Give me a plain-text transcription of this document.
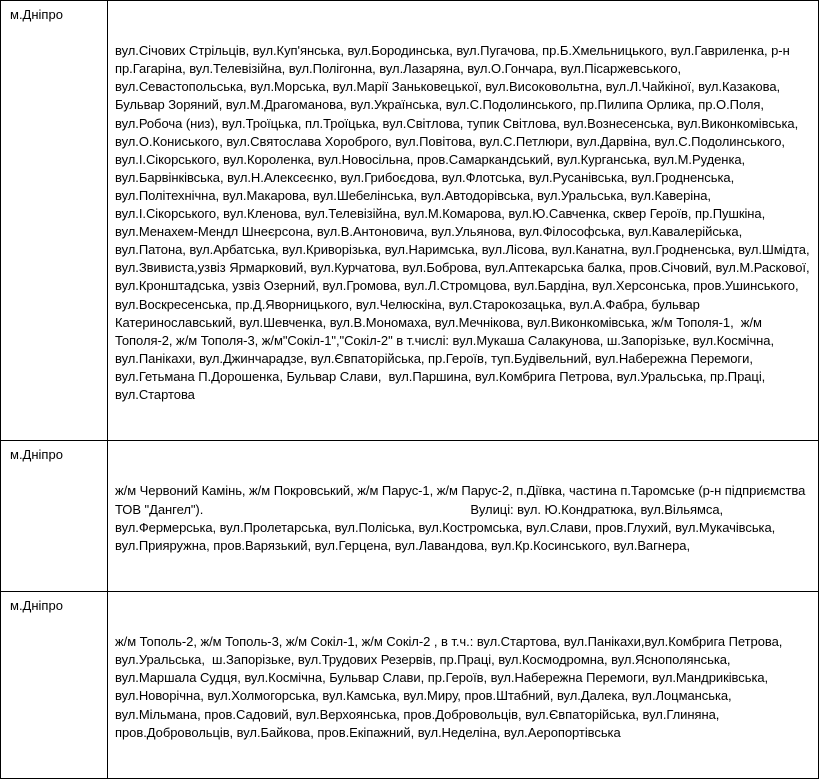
м.Дніпро	вул.Січових Стрільців, вул.Куп'янська, вул.Бородинська, вул.Пугачова, пр.Б.Хмельницького, вул.Гавриленка, р-н пр.Гагаріна, вул.Телевізійна, вул.Полігонна, вул.Лазаряна, вул.О.Гончара, вул.Пісаржевського, вул.Севастопольська, вул.Морська, вул.Марії Заньковецької, вул.Високовольтна, вул.Л.Чайкіної, вул.Казакова, Бульвар Зоряний, вул.М.Драгоманова, вул.Українська, вул.С.Подолинського, пр.Пилипа Орлика, пр.О.Поля, вул.Робоча (низ), вул.Троїцька, пл.Троїцька, вул.Світлова, тупик Світлова, вул.Вознесенська, вул.Виконкомівська, вул.О.Кониського, вул.Святослава Хороброго, вул.Повітова, вул.С.Петлюри, вул.Дарвіна, вул.С.Подолинського, вул.І.Сікорського, вул.Короленка, вул.Новосільна, пров.Самаркандський, вул.Курганська, вул.М.Руденка, вул.Барвінківська, вул.Н.Алексеєнко, вул.Грибоєдова, вул.Флотська, вул.Русанівська, вул.Гродненська, вул.Політехнічна, вул.Макарова, вул.Шебелінська, вул.Автодорівська, вул.Уральська, вул.Каверіна, вул.І.Сікорського, вул.Кленова, вул.Телевізійна, вул.М.Комарова, вул.Ю.Савченка, сквер Героїв, пр.Пушкіна, вул.Менахем-Мендл Шнеєрсона, вул.В.Антоновича, вул.Ульянова, вул.Філософська, вул.Кавалерійська, вул.Патона, вул.Арбатська, вул.Криворізька, вул.Наримська, вул.Лісова, вул.Канатна, вул.Гродненська, вул.Шмідта, вул.Звивиста,узвіз Ярмарковий, вул.Курчатова, вул.Боброва, вул.Аптекарська балка, пров.Січовий, вул.М.Раскової, вул.Кронштадська, узвіз Озерний, вул.Громова, вул.Л.Стромцова, вул.Бардіна, вул.Херсонська, пров.Ушинського, вул.Воскресенська, пр.Д.Яворницького, вул.Челюскіна, вул.Старокозацька, вул.А.Фабра, бульвар Катеринославський, вул.Шевченка, вул.В.Мономаха, вул.Мечнікова, вул.Виконкомівська, ж/м Тополя-1,  ж/м Тополя-2, ж/м Тополя-3, ж/м"Сокіл-1","Сокіл-2" в т.числі: вул.Мукаша Салакунова, ш.Запорізьке, вул.Космічна, вул.Панікахи, вул.Джинчарадзе, вул.Євпаторійська, пр.Героїв, туп.Будівельний, вул.Набережна Перемоги, вул.Гетьмана П.Дорошенка, Бульвар Слави,  вул.Паршина, вул.Комбрига Петрова, вул.Уральська, пр.Праці, вул.Стартова

м.Дніпро	ж/м Червоний Камінь, ж/м Покровський, ж/м Парус-1, ж/м Парус-2, п.Діївка, частина п.Таромське (р-н підприємства ТОВ "Дангел").                                                                           Вулиці: вул. Ю.Кондратюка, вул.Вільямса, вул.Фермерська, вул.Пролетарська, вул.Поліська, вул.Костромська, вул.Слави, пров.Глухий, вул.Мукачівська, вул.Прияружна, пров.Варязький, вул.Герцена, вул.Лавандова, вул.Кр.Косинського, вул.Вагнера,

м.Дніпро	ж/м Тополь-2, ж/м Тополь-3, ж/м Сокіл-1, ж/м Сокіл-2 , в т.ч.: вул.Стартова, вул.Панікахи,вул.Комбрига Петрова, вул.Уральська,  ш.Запорізьке, вул.Трудових Резервів, пр.Праці, вул.Космодромна, вул.Яснополянська, вул.Маршала Судця, вул.Космічна, Бульвар Слави, пр.Героїв, вул.Набережна Перемоги, вул.Мандриківська, вул.Новорічна, вул.Холмогорська, вул.Камська, вул.Миру, пров.Штабний, вул.Далека, вул.Лоцманська, вул.Мільмана, пров.Садовий, вул.Верхоянська, пров.Добровольців, вул.Євпаторійська, вул.Глиняна, пров.Добровольців, вул.Байкова, пров.Екіпажний, вул.Неделіна, вул.Аеропортівська
